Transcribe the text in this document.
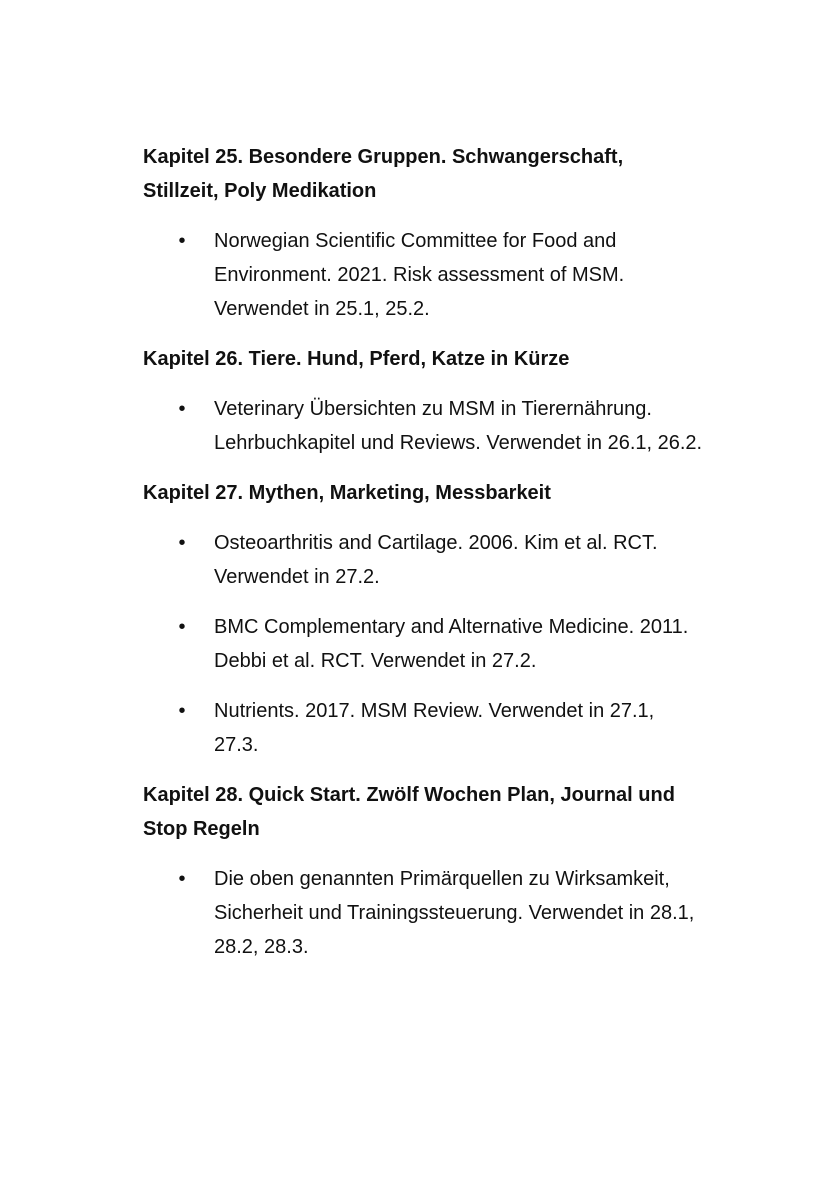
Kapitel 25. Besondere Gruppen. Schwangerschaft, Stillzeit, Poly Medikation
• Norwegian Scientific Committee for Food and Environment. 2021. Risk assessment of MSM. Verwendet in 25.1, 25.2.
Kapitel 26. Tiere. Hund, Pferd, Katze in Kürze
• Veterinary Übersichten zu MSM in Tierernährung. Lehrbuchkapitel und Reviews. Verwendet in 26.1, 26.2.
Kapitel 27. Mythen, Marketing, Messbarkeit
• Osteoarthritis and Cartilage. 2006. Kim et al. RCT. Verwendet in 27.2.
• BMC Complementary and Alternative Medicine. 2011. Debbi et al. RCT. Verwendet in 27.2.
• Nutrients. 2017. MSM Review. Verwendet in 27.1, 27.3.
Kapitel 28. Quick Start. Zwölf Wochen Plan, Journal und Stop Regeln
• Die oben genannten Primärquellen zu Wirksamkeit, Sicherheit und Trainingssteuerung. Verwendet in 28.1, 28.2, 28.3.
